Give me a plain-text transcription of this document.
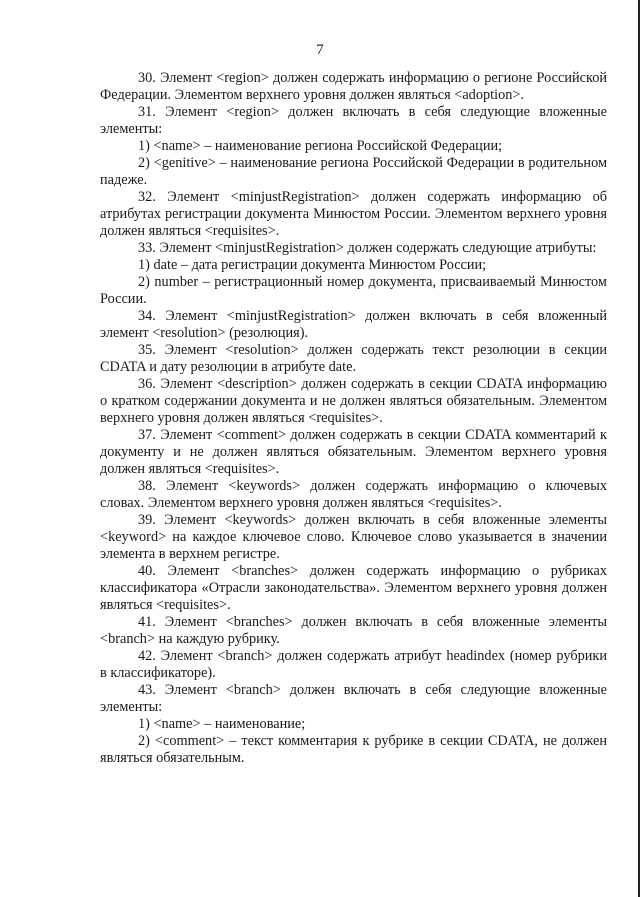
7

30. Элемент <region> должен содержать информацию о регионе Российской Федерации. Элементом верхнего уровня должен являться <adoption>.

31. Элемент <region> должен включать в себя следующие вложенные элементы:

1) <name> – наименование региона Российской Федерации;

2) <genitive> – наименование региона Российской Федерации в родительном падеже.

32. Элемент <minjustRegistration> должен содержать информацию об атрибутах регистрации документа Минюстом России. Элементом верхнего уровня должен являться <requisites>.

33. Элемент <minjustRegistration> должен содержать следующие атрибуты:

1) date – дата регистрации документа Минюстом России;

2) number – регистрационный номер документа, присваиваемый Минюстом России.

34. Элемент <minjustRegistration> должен включать в себя вложенный элемент <resolution> (резолюция).

35. Элемент <resolution> должен содержать текст резолюции в секции CDATA и дату резолюции в атрибуте date.

36. Элемент <description> должен содержать в секции CDATA информацию о кратком содержании документа и не должен являться обязательным. Элементом верхнего уровня должен являться <requisites>.

37. Элемент <comment> должен содержать в секции CDATA комментарий к документу и не должен являться обязательным. Элементом верхнего уровня должен являться <requisites>.

38. Элемент <keywords> должен содержать информацию о ключевых словах. Элементом верхнего уровня должен являться <requisites>.

39. Элемент <keywords> должен включать в себя вложенные элементы <keyword> на каждое ключевое слово. Ключевое слово указывается в значении элемента в верхнем регистре.

40. Элемент <branches> должен содержать информацию о рубриках классификатора «Отрасли законодательства». Элементом верхнего уровня должен являться <requisites>.

41. Элемент <branches> должен включать в себя вложенные элементы <branch> на каждую рубрику.

42. Элемент <branch> должен содержать атрибут headindex (номер рубрики в классификаторе).

43. Элемент <branch> должен включать в себя следующие вложенные элементы:

1) <name> – наименование;

2) <comment> – текст комментария к рубрике в секции CDATA, не должен являться обязательным.
